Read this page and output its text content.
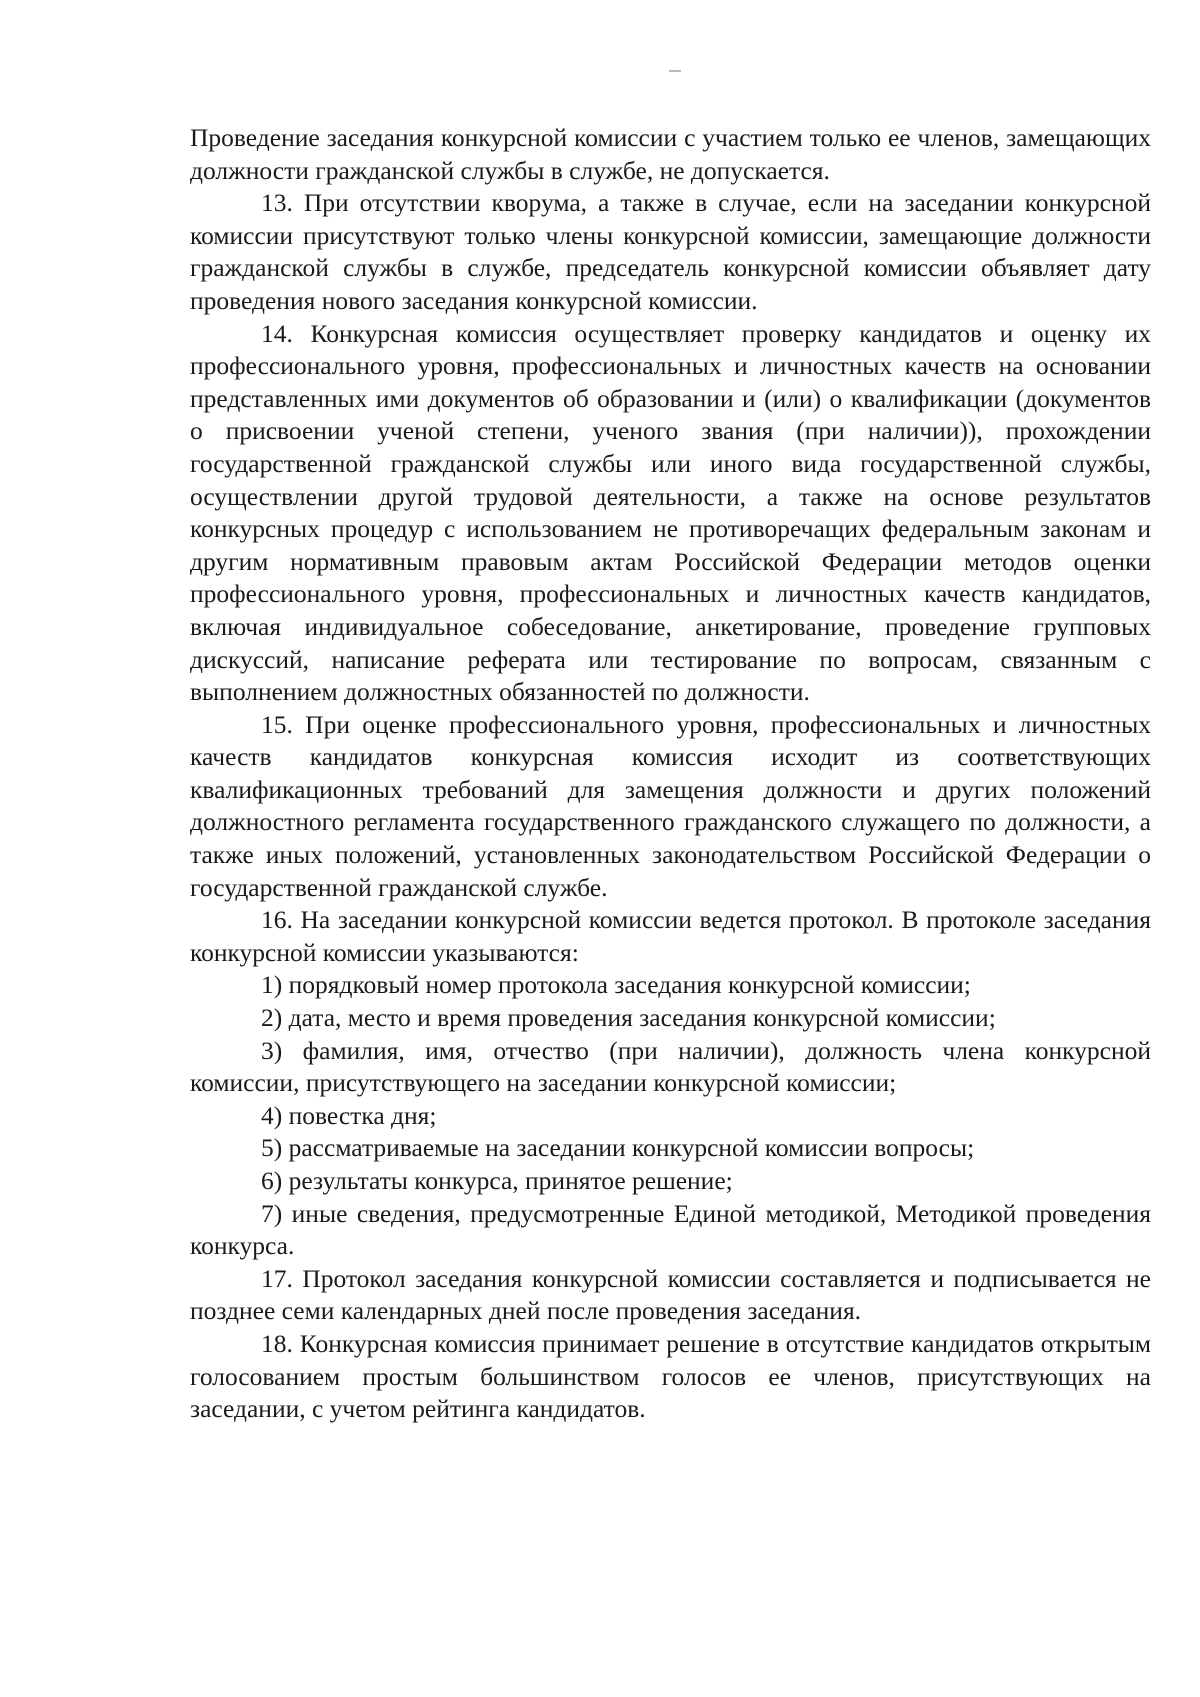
Проведение заседания конкурсной комиссии с участием только ее членов, замещающих должности гражданской службы в службе, не допускается.

13. При отсутствии кворума, а также в случае, если на заседании конкурсной комиссии присутствуют только члены конкурсной комиссии, замещающие должности гражданской службы в службе, председатель конкурсной комиссии объявляет дату проведения нового заседания конкурсной комиссии.

14. Конкурсная комиссия осуществляет проверку кандидатов и оценку их профессионального уровня, профессиональных и личностных качеств на основании представленных ими документов об образовании и (или) о квалификации (документов о присвоении ученой степени, ученого звания (при наличии)), прохождении государственной гражданской службы или иного вида государственной службы, осуществлении другой трудовой деятельности, а также на основе результатов конкурсных процедур с использованием не противоречащих федеральным законам и другим нормативным правовым актам Российской Федерации методов оценки профессионального уровня, профессиональных и личностных качеств кандидатов, включая индивидуальное собеседование, анкетирование, проведение групповых дискуссий, написание реферата или тестирование по вопросам, связанным с выполнением должностных обязанностей по должности.

15. При оценке профессионального уровня, профессиональных и личностных качеств кандидатов конкурсная комиссия исходит из соответствующих квалификационных требований для замещения должности и других положений должностного регламента государственного гражданского служащего по должности, а также иных положений, установленных законодательством Российской Федерации о государственной гражданской службе.

16. На заседании конкурсной комиссии ведется протокол. В протоколе заседания конкурсной комиссии указываются:

1) порядковый номер протокола заседания конкурсной комиссии;

2) дата, место и время проведения заседания конкурсной комиссии;

3) фамилия, имя, отчество (при наличии), должность члена конкурсной комиссии, присутствующего на заседании конкурсной комиссии;

4) повестка дня;

5) рассматриваемые на заседании конкурсной комиссии вопросы;

6) результаты конкурса, принятое решение;

7) иные сведения, предусмотренные Единой методикой, Методикой проведения конкурса.

17. Протокол заседания конкурсной комиссии составляется и подписывается не позднее семи календарных дней после проведения заседания.

18. Конкурсная комиссия принимает решение в отсутствие кандидатов открытым голосованием простым большинством голосов ее членов, присутствующих на заседании, с учетом рейтинга кандидатов.
